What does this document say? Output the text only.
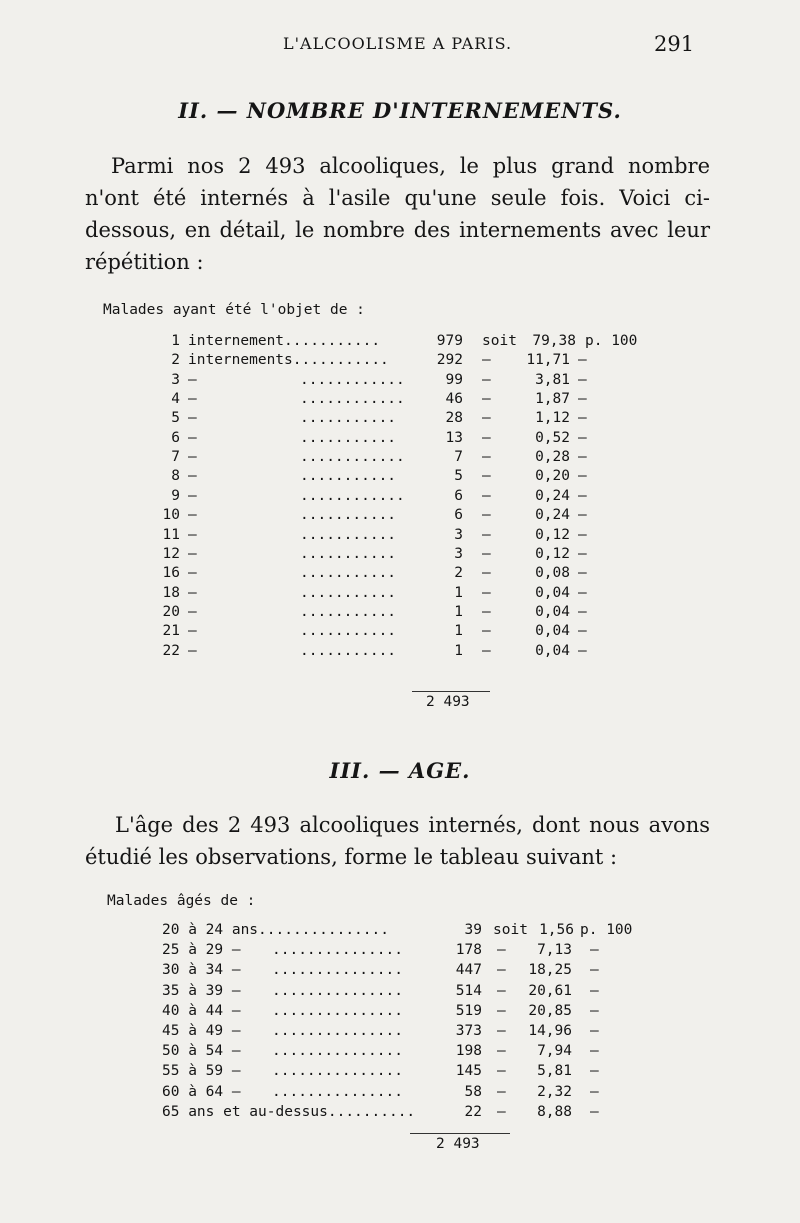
L'ALCOOLISME A PARIS.	291
II. — NOMBRE D'INTERNEMENTS.

Parmi nos 2 493 alcooliques, le plus grand nombre n'ont été internés à l'asile qu'une seule fois. Voici ci-dessous, en détail, le nombre des internements avec leur répétition :

Malades ayant été l'objet de :
1 internement...........	979 soit 79,38 p. 100
2 internements...........	292 — 11,71 —
3 —	............	99 —	3,81 —
4 —	............	46 —	1,87 —
5 —	...........	28 —	1,12 —
6 —	...........	13 —	0,52 —
7 —	............	7 —	0,28 —
8 —	...........	5 —	0,20 —
9 —	............	6 —	0,24 —
10 —	...........	6 —	0,24 —
11 —	...........	3 —	0,12 —
12 —	...........	3 —	0,12 —
16 —	...........	2 —	0,08 —
18 —	...........	1 —	0,04 —
20 —	...........	1 —	0,04 —
21 —	...........	1 —	0,04 —
22 —	...........	1 —	0,04 —
2 493
III. — AGE.

L'âge des 2 493 alcooliques internés, dont nous avons étudié les observations, forme le tableau suivant :

Malades âgés de :
20 à 24 ans...............	39 soit 1,56 p. 100
25 à 29 — ...............	178 — 7,13 —
30 à 34 — ...............	447 — 18,25 —
35 à 39 — ...............	514 — 20,61 —
40 à 44 — ...............	519 — 20,85 —
45 à 49 — ...............	373 — 14,96 —
50 à 54 — ...............	198 — 7,94 —
55 à 59 — ...............	145 — 5,81 —
60 à 64 — ...............	58 — 2,32 —
65 ans et au-dessus..........	22 — 8,88 —
2 493
